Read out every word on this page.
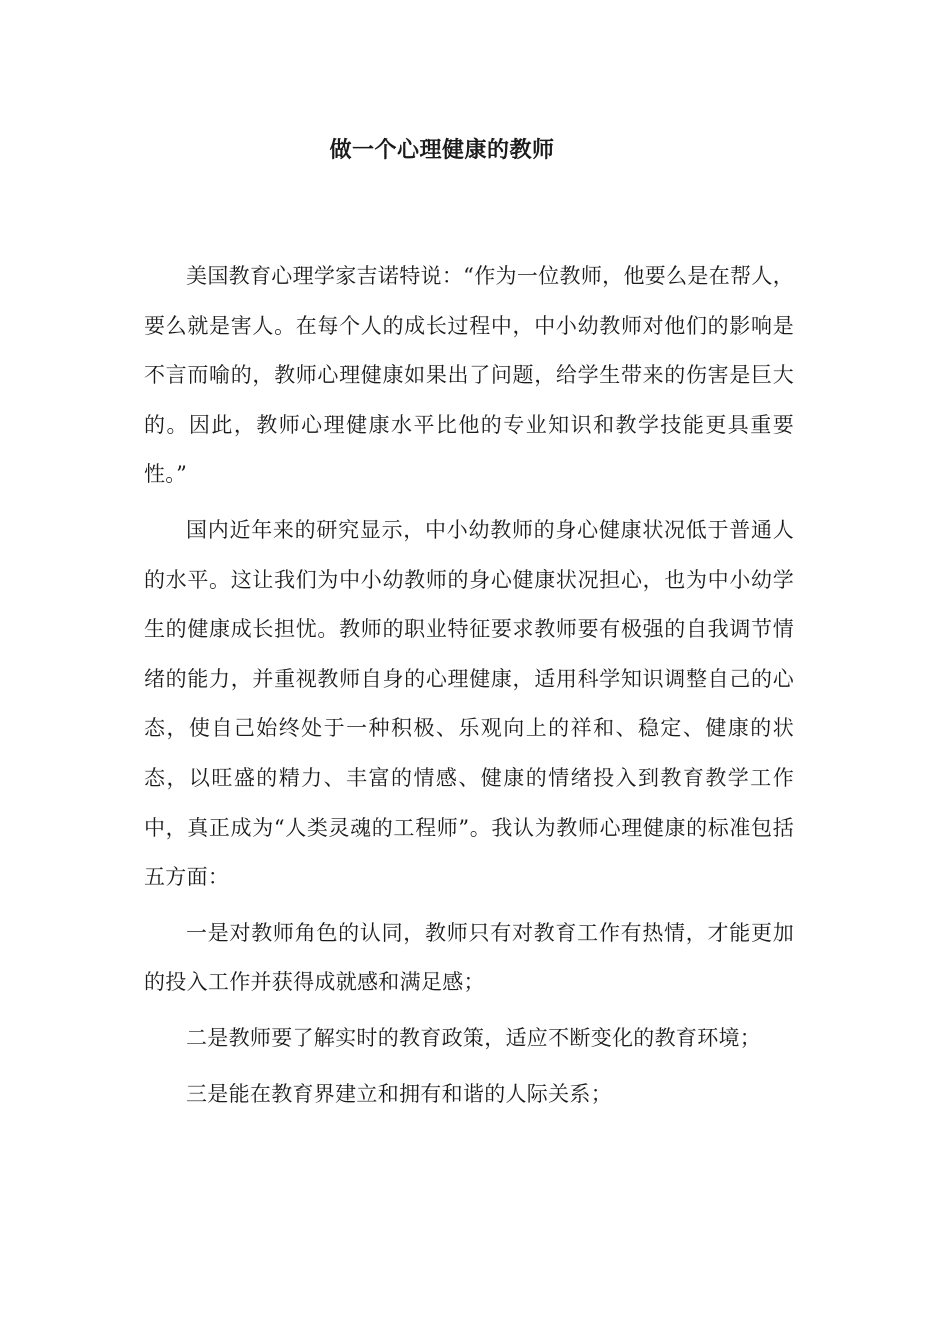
做一个心理健康的教师

美国教育心理学家吉诺特说：“作为一位教师，他要么是在帮人，要么就是害人。在每个人的成长过程中，中小幼教师对他们的影响是不言而喻的，教师心理健康如果出了问题，给学生带来的伤害是巨大的。因此，教师心理健康水平比他的专业知识和教学技能更具重要性。”

国内近年来的研究显示，中小幼教师的身心健康状况低于普通人的水平。这让我们为中小幼教师的身心健康状况担心，也为中小幼学生的健康成长担忧。教师的职业特征要求教师要有极强的自我调节情绪的能力，并重视教师自身的心理健康，适用科学知识调整自己的心态，使自己始终处于一种积极、乐观向上的祥和、稳定、健康的状态，以旺盛的精力、丰富的情感、健康的情绪投入到教育教学工作中，真正成为“人类灵魂的工程师”。我认为教师心理健康的标准包括五方面：

一是对教师角色的认同，教师只有对教育工作有热情，才能更加的投入工作并获得成就感和满足感；

二是教师要了解实时的教育政策，适应不断变化的教育环境；

三是能在教育界建立和拥有和谐的人际关系；
